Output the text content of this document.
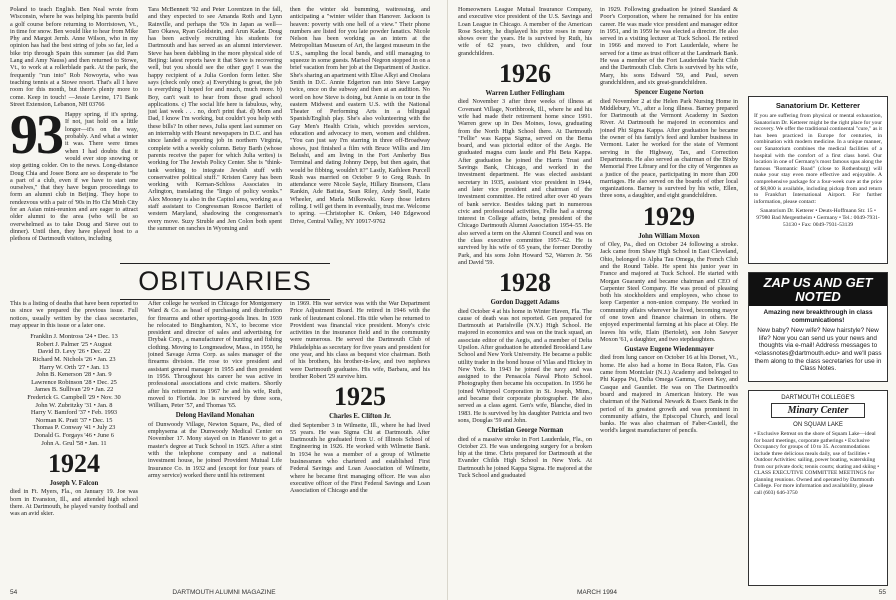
Poland to teach English. Ben Neal wrote from Wisconsin, where he was helping his parents build a golf course before returning to Morristown, Vt., in time for snow. Ben would like to hear from Mike Phy and Margot Jernb. Anne Wilson, who in my opinion has had the best string of jobs so far, led a bike trip through Spain this summer (as did Pam Lang and Amy Nauss) and then returned to Stowe, Vt., to work at a rollerblade park. At the park, the frequently "run into" Rob Nowoyrta, who was teaching tennis at a Stowe resort. That's all I have room for this month, but there's plenty more to come. Keep in touch! —Jessie Levine, 171 Bank Street Extension, Lebanon, NH 03766

93 Happy spring, if it's spring. If not, just hold on a little longer—it's on the way, probably. And what a winter it was. There were times when I had doubts that it would ever stop snowing or stop getting colder. On to the news. Long-distance Doug Chia and Josee Bonz are so desperate to "be a part of a club, even if we have to start one ourselves," that they have begun proceedings to form an alumni club in Beijing. They hope to rendezvous with a pair of '90s in Ho Chi Minh City for an Asian mini-reunion and are eager to attract older alumni to the area (who will be so overwhelmed as to take Doug and Steve out to dinner). Until then, they have played host to a plethora of Dartmouth visitors, including

Tara McBennett '92 and Peter Lorentzen in the fall, and they expected to see Amanda Roth and Lynn Rainville, and perhaps the '93s in Japan as well—Taro Okawa, Ryan Goldstein, and Arun Kadar. Doug has been actively recruiting his students for Dartmouth and has served as an alumni interviewer. Steve has been dabbling in the more physical side of Beijing: latest reports have it that Steve is recovering well, but you should see the other guy! I was the happy recipient of a Julia Gordon form letter. She says (check only one): a) Everything is great, the job is everything I hoped for and much, much more. b) Boy, can't wait to hear from those grad school applications. c) The social life here is fabulous, why, just last week . . . no, don't print that. d) Mom and Dad, I know I'm working, but couldn't you help with these bills? In other news, Julia spent last summer on an internship with Hearst newspapers in D.C. and has since landed a reporting job in northern Virginia, complete with a weekly column. Betsy Barth (whose parents receive the paper for which Julia writes) is working for The Jewish Policy Center. She is "think-tank working to integrate Jewish stuff with conservative political stuff." Kristen Carey has been working with Kernan-Schloss Associates in Arlington, translating the "lingo of policy wonks." Alex Mooney is also in the Capitol area, working as a staff assistant to Congressman Roscoe Bartlett of western Maryland, shadowing the congressman's every move. Suzy Struble and Jen Colon both spent the summer on ranches in Wyoming and

then the winter ski bumming, waitressing, and anticipating a "winter wilder than Hanover. Jackson is heaven: poverty with one hell of a view." Their phone numbers are listed for you late powder fanatics. Nicole Nelson has been working as an intern at the Metropolitan Museum of Art, the largest museum in the U.S., sampling the local bands, and still managing to squeeze in some guests. Marisol Negron stopped in on a brief vacation from her job at the Department of Justice. She's sharing an apartment with Elise Alkyi and Onolara Smith in D.C. Annie Edgerton ran into Steve Largay twice, once on the subway and then at an audition. No word on how Steve is doing, but Annie is on tour in the eastern Midwest and eastern U.S. with the National Theater of Performing Arts in a bilingual Spanish/English play. She's also volunteering with the Gay Men's Health Crisis, which provides services, education and advocacy to men, women and children. "You can just say I'm starring in three off-Broadway shows, just finished a film with Bruce Willis and Jim Belushi, and am living in the Fort Amherby Bus Terminal and dating Johnny Depp, but then again, that would be fibbing, wouldn't it?" Lastly, Kathleen Purcell Rush was married on October 9 to Greg Rush. In attendance were Nicole Sayle, Hillary Bransom, Clara Rankin, Ade Batista, Sean Riley, Andy Snell, Katie Wheeler, and Marla Milkowski. Keep those letters rolling. I will get them in eventually, trust me. Welcome to spring. —Christopher K. Onken, 140 Edgewood Drive, Central Valley, NY 10917-9762

OBITUARIES

This is a listing of deaths that have been reported to us since we prepared the previous issue. Full notices, usually written by the class secretaries, may appear in this issue or a later one.

Franklin J. Montross '24 • Dec. 13
Robert J. Palmer '25 • August
David D. Levy '26 • Dec. 22
Richard M. Nichols '26 • Jan. 23
Harry W. Orth '27 • Jan. 13
John B. Kenerson '28 • Jan. 9
Lawrence Robinson '28 • Dec. 25
James B. Sullivan '29 • Jan. 22
Frederick G. Campbell '29 • Nov. 30
John W. Zubritzky '31 • Jan. 8
Harry V. Bamford '37 • Feb. 1993
Norman K. Pratt '37 • Dec. 15
Thomas P. Conway '41 • July 23
Donald G. Forgays '46 • June 6
John A. Grul '58 • Jan. 11
1924
Joseph V. Falcon

died in Ft. Myers, Fla., on January 19. Joe was born in Evanston, Ill., and attended high school there. At Dartmouth, he played varsity football and was an avid skier.

After college he worked in Chicago for Montgomery Ward & Co. as head of purchasing and distribution for firearms and other sporting-goods lines. In 1939 he relocated to Binghamton, N.Y., to become vice president and director of sales and advertising for Drybak Corp., a manufacturer of hunting and fishing clothing. Moving to Longmeadow, Mass., in 1950, he joined Savage Arms Corp. as sales manager of the firearms division. He rose to vice president and assistant general manager in 1955 and then president in 1956. Throughout his career he was active in professional associations and civic matters. Shortly after his retirement in 1967 he and his wife, Ruth, moved to Florida. Joe is survived by three sons, William, Peter '57, and Thomas '65.

Delong Haviland Monahan

of Dunwoody Village, Newton Square, Pa., died of emphysema at the Dunwoody Medical Center on November 17. Mony stayed on in Hanover to get a master's degree at Tuck School in 1925. After a stint with the telephone company and a national investment house, he joined Provident Mutual Life Insurance Co. in 1932 and (except for four years of army service) worked there until his retirement

in 1969. His war service was with the War Department Price Adjustment Board. He retired in 1946 with the rank of lieutenant colonel. His title when he returned to Provident was financial vice president. Mony's civic activities in the insurance field and in the community were numerous. He served the Dartmouth Club of Philadelphia as secretary for five years and president for one year, and his class as bequest vice chairman. Both of his brothers, his brother-in-law, and two nephews were Dartmouth graduates. His wife, Barbara, and his brother Robert '29 survive him.

1925
Charles E. Clifton Jr.

died September 3 in Wilmette, Ill., where he had lived 55 years. He was Sigma Chi at Dartmouth. After Dartmouth he graduated from U. of Illinois School of Engineering in 1926. He worked with Wilmette Bank. In 1934 he was a member of a group of Wilmette businessmen who chartered and established First Federal Savings and Loan Association of Wilmette, where he became first managing officer. He was also executive officer of the First Federal Savings and Loan Association of Chicago and the

54	DARTMOUTH ALUMNI MAGAZINE

Homeowners League Mutual Insurance Company, and executive vice president of the U.S. Savings and Loan League in Chicago. A member of the American Rose Society, he displayed his prize roses in many shows over the years. He is survived by Ruth, his wife of 62 years, two children, and four grandchildren.

1926
Warren Luther Fellingham

died November 3 after three weeks of illness at Covenant Village, Northbrook, Ill., where he and his wife had made their retirement home since 1991. Warren grew up in Des Moines, Iowa, graduating from the North High School there. At Dartmouth "Fellie" was Kappa Sigma, served on the Bema board, and was pictorial editor of the Aegis. He graduated magna cum laude and Phi Beta Kappa. After graduation he joined the Harris Trust and Savings Bank, Chicago, and worked in the investment department. He was elected assistant secretary in 1935, assistant vice president in 1944, and later vice president and chairman of the investment committee. He retired after over 40 years of bank service. Besides taking part in numerous civic and professional activities, Fellie had a strong interest in College affairs, being president of the Chicago Dartmouth Alumni Association 1954–55. He also served a term on the Alumni Council and was on the class executive committee 1957–62. He is survived by his wife of 65 years, the former Dorothy Park, and his sons John Howard '52, Warren Jr. '56 and David '59.

1928
Gordon Daggett Adams

died October 4 at his home in Winter Haven, Fla. The cause of death was not reported. Gen prepared for Dartmouth at Parishville (N.Y.) High School. He majored in economics and was on the track squad, an associate editor of the Aegis, and a member of Delta Upsilon. After graduation he attended Brookland Law School and New York University. He became a public utility trader in the bond house of Vilas and Hickey in New York. In 1943 he joined the navy and was assigned to the Pensacola Naval Photo School. Photography then became his occupation. In 1956 he joined Whirpool Corporation in St. Joseph, Minn., and became their corporate photographer. He also served as a class agent. Gen's wife, Blanche, died in 1983. He is survived by his daughter Patricia and two sons, Douglas '59 and John.

Christian George Norman

died of a massive stroke in Fort Lauderdale, Fla., on October 23. He was undergoing surgery for a broken hip at the time. Chris prepared for Dartmouth at the Evander Childs High School in New York. At Dartmouth he joined Kappa Sigma. He majored at the Tuck School and graduated

in 1929. Following graduation he joined Standard & Poor's Corporation, where he remained for his entire career. He was made vice president and manager editor in 1951, and in 1959 he was elected a director. He also served in a visiting lecturer at Tuck School. He retired in 1966 and moved to Fort Lauderdale, where he served for a time as trust officer at the Landmark Bank. He was a member of the Fort Lauderdale Yacht Club and the Dartmouth Club. Chris is survived by his wife, Mary, his sons Edward '59, and Paul, seven grandchildren, and six great-grandchildren.

Spencer Eugene Norton

died November 2 at the Helen Park Nursing Home in Middlebury, Vt., after a long illness. Barney prepared for Dartmouth at the Vermont Academy in Saxton River. At Dartmouth he majored in economics and joined Phi Sigma Kappa. After graduation he became the owner of his family's feed and lumber business in Vermont. Later he worked for the state of Vermont serving in the Highway, Tax, and Correction Departments. He also served as chairman of the Bixby Memorial Free Library and for the city of Vergennes as a justice of the peace, participating in more than 200 marriages. He also served on the boards of other local organizations. Barney is survived by his wife, Ellen, three sons, a daughter, and eight grandchildren.

1929
John William Moxon

of Oley, Pa., died on October 24 following a stroke. Jack came from Shaw High School in East Cleveland, Ohio, belonged to Alpha Tau Omega, the French Club and the Round Table. He spent his junior year in France and majored at Tuck School. He started with Morgan Guaranty and became chairman and CEO of Carpenter Steel Company. He was proud of pleasing both his stockholders and employees, who chose to keep Carpenter a non-union company. He worked in community affairs wherever he lived, becoming mayor of one town and finance chairman in others. He enjoyed experimental farming at his place at Oley. He leaves his wife, Elain (Bertolet), son John Sawyer Moxon '61, a daughter, and two stepdaughters.

Gustave Eugene Wiedenmayer

died from lung cancer on October 16 at his Dorset, Vt., home. He also had a home in Boca Raton, Fla. Gus came from Montclair (N.J.) Academy and belonged to Phi Kappa Psi, Delta Omega Gamma, Green Key, and Casque and Gauntlet. He was on The Dartmouth's board and majored in American history. He was chairman of the National Newark & Essex Bank in the period of its greatest growth and was prominent in community affairs, the Episcopal Church, and local banks. He was also chairman of Faber-Castell, the world's largest manufacturer of pencils.

Sanatorium Dr. Ketterer

If you are suffering from physical or mental exhaustion, Sanatorium Dr. Ketterer might be the right place for your recovery. We offer the traditional continental "cure," as it has been practiced in Europe for centuries, in combination with modern medicine. In a unique manner, our Sanatorium combines the medical facilities of a hospital with the comfort of a first class hotel. Our location in one of Germany's most famous spas along the famous "Romantic Road" (close to Rothenburg) will make your stay even more effective and enjoyable. A comprehensive package for a four-week cure at the price of $8,800 is available, including pickup from and return to Frankfurt International Airport. For further information, please contact:

Sanatorium Dr. Ketterer • Deuts-Hoffmann Str. 15 • 97980 Bad Mergentheim • Germany • Tel.: 0049-7931-53130 • Fax: 0049-7931-53139

ZAP US AND GET NOTED

Amazing new breakthrough in class communications!

New baby? New wife? New hairstyle? New life? Now you can send us your news and thoughts via e-mail! Address messages to <classnotes@dartmouth.edu> and we'll pass them along to the class secretaries for use in Class Notes.

DARTMOUTH COLLEGE'S
Minary Center
ON SQUAM LAKE

• Exclusive Retreat on the shore of Squam Lake—ideal for board meetings, corporate gatherings • Exclusive Occupancy for groups of 10 to 35. Accommodations include three delicious meals daily, use of facilities • Outdoor Activities: sailing, power boating, waterskiing from our private dock; tennis courts; skating and skiing • CLASS EXECUTIVE COMMITTEE MEETINGS for planning reunions. Owned and operated by Dartmouth College. For more information and availability, please call (603) 646-3750

MARCH 1994	55
